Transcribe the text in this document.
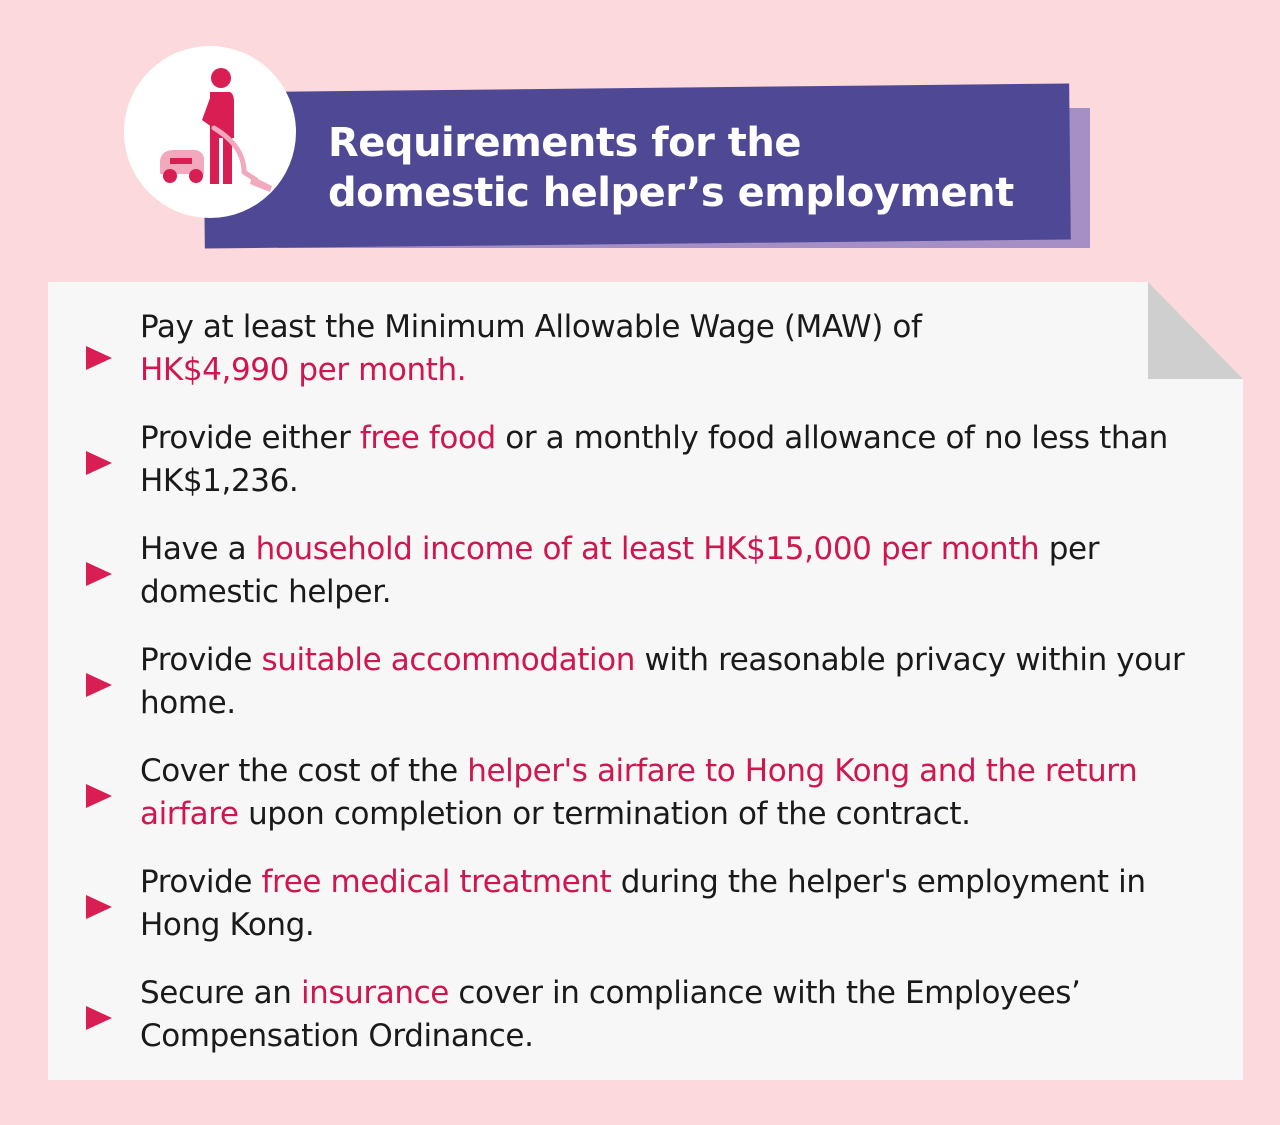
Requirements for the
domestic helper’s employment
Pay at least the Minimum Allowable Wage (MAW) of
HK$4,990 per month.
Provide either free food or a monthly food allowance of no less than HK$1,236.
Have a household income of at least HK$15,000 per month per domestic helper.
Provide suitable accommodation with reasonable privacy within your home.
Cover the cost of the helper's airfare to Hong Kong and the return airfare upon completion or termination of the contract.
Provide free medical treatment during the helper's employment in Hong Kong.
Secure an insurance cover in compliance with the Employees’ Compensation Ordinance.
